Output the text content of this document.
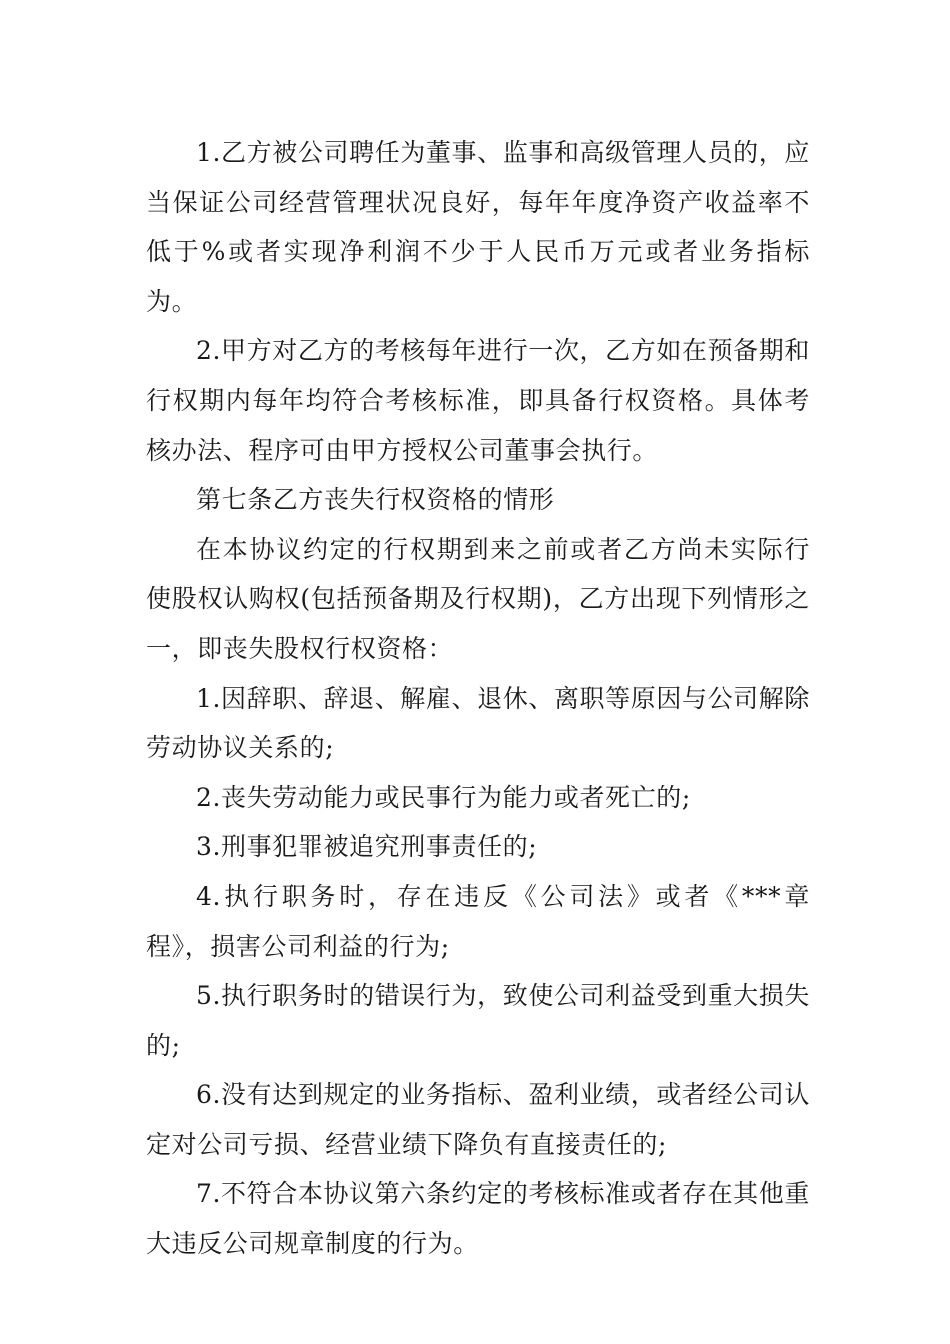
1.乙方被公司聘任为董事、监事和高级管理人员的，应当保证公司经营管理状况良好，每年年度净资产收益率不低于%或者实现净利润不少于人民币万元或者业务指标为。

2.甲方对乙方的考核每年进行一次，乙方如在预备期和行权期内每年均符合考核标准，即具备行权资格。具体考核办法、程序可由甲方授权公司董事会执行。

第七条乙方丧失行权资格的情形

在本协议约定的行权期到来之前或者乙方尚未实际行使股权认购权(包括预备期及行权期)，乙方出现下列情形之一，即丧失股权行权资格：

1.因辞职、辞退、解雇、退休、离职等原因与公司解除劳动协议关系的;

2.丧失劳动能力或民事行为能力或者死亡的;

3.刑事犯罪被追究刑事责任的;

4.执行职务时，存在违反《公司法》或者《***章程》，损害公司利益的行为;

5.执行职务时的错误行为，致使公司利益受到重大损失的;

6.没有达到规定的业务指标、盈利业绩，或者经公司认定对公司亏损、经营业绩下降负有直接责任的;

7.不符合本协议第六条约定的考核标准或者存在其他重大违反公司规章制度的行为。
